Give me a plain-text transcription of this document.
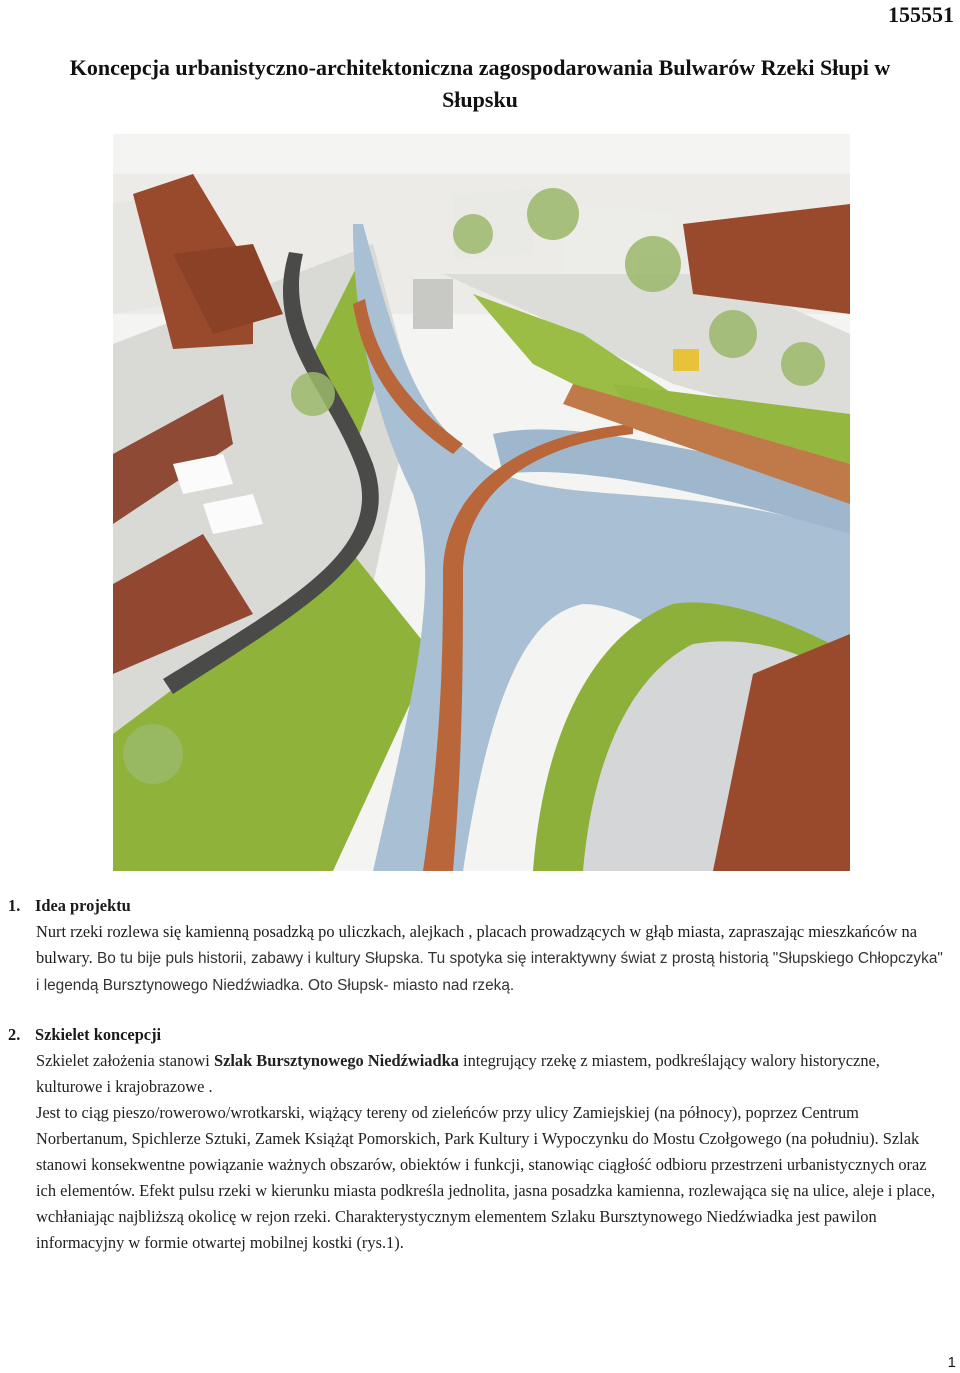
155551
Koncepcja urbanistyczno-architektoniczna zagospodarowania Bulwarów Rzeki Słupi w
Słupsku
1. Idea projektu
Nurt rzeki rozlewa się kamienną posadzką po uliczkach, alejkach , placach prowadzących w głąb miasta, zapraszając mieszkańców na bulwary. Bo tu bije puls historii, zabawy i kultury Słupska. Tu spotyka się interaktywny świat z prostą historią "Słupskiego Chłopczyka" i legendą Bursztynowego Niedźwiadka. Oto Słupsk- miasto nad rzeką.
2. Szkielet koncepcji
Szkielet założenia stanowi Szlak Bursztynowego Niedźwiadka integrujący rzekę z miastem, podkreślający walory historyczne, kulturowe i krajobrazowe .
Jest to ciąg pieszo/rowerowo/wrotkarski, wiążący tereny od zieleńców przy ulicy Zamiejskiej (na północy), poprzez Centrum Norbertanum, Spichlerze Sztuki, Zamek Książąt Pomorskich, Park Kultury i Wypoczynku do Mostu Czołgowego (na południu). Szlak stanowi konsekwentne powiązanie ważnych obszarów, obiektów i funkcji, stanowiąc ciągłość odbioru przestrzeni urbanistycznych oraz ich elementów. Efekt pulsu rzeki w kierunku miasta podkreśla jednolita, jasna posadzka kamienna, rozlewająca się na ulice, aleje i place, wchłaniając najbliższą okolicę w rejon rzeki. Charakterystycznym elementem Szlaku Bursztynowego Niedźwiadka jest pawilon informacyjny w formie otwartej mobilnej kostki (rys.1).
1
